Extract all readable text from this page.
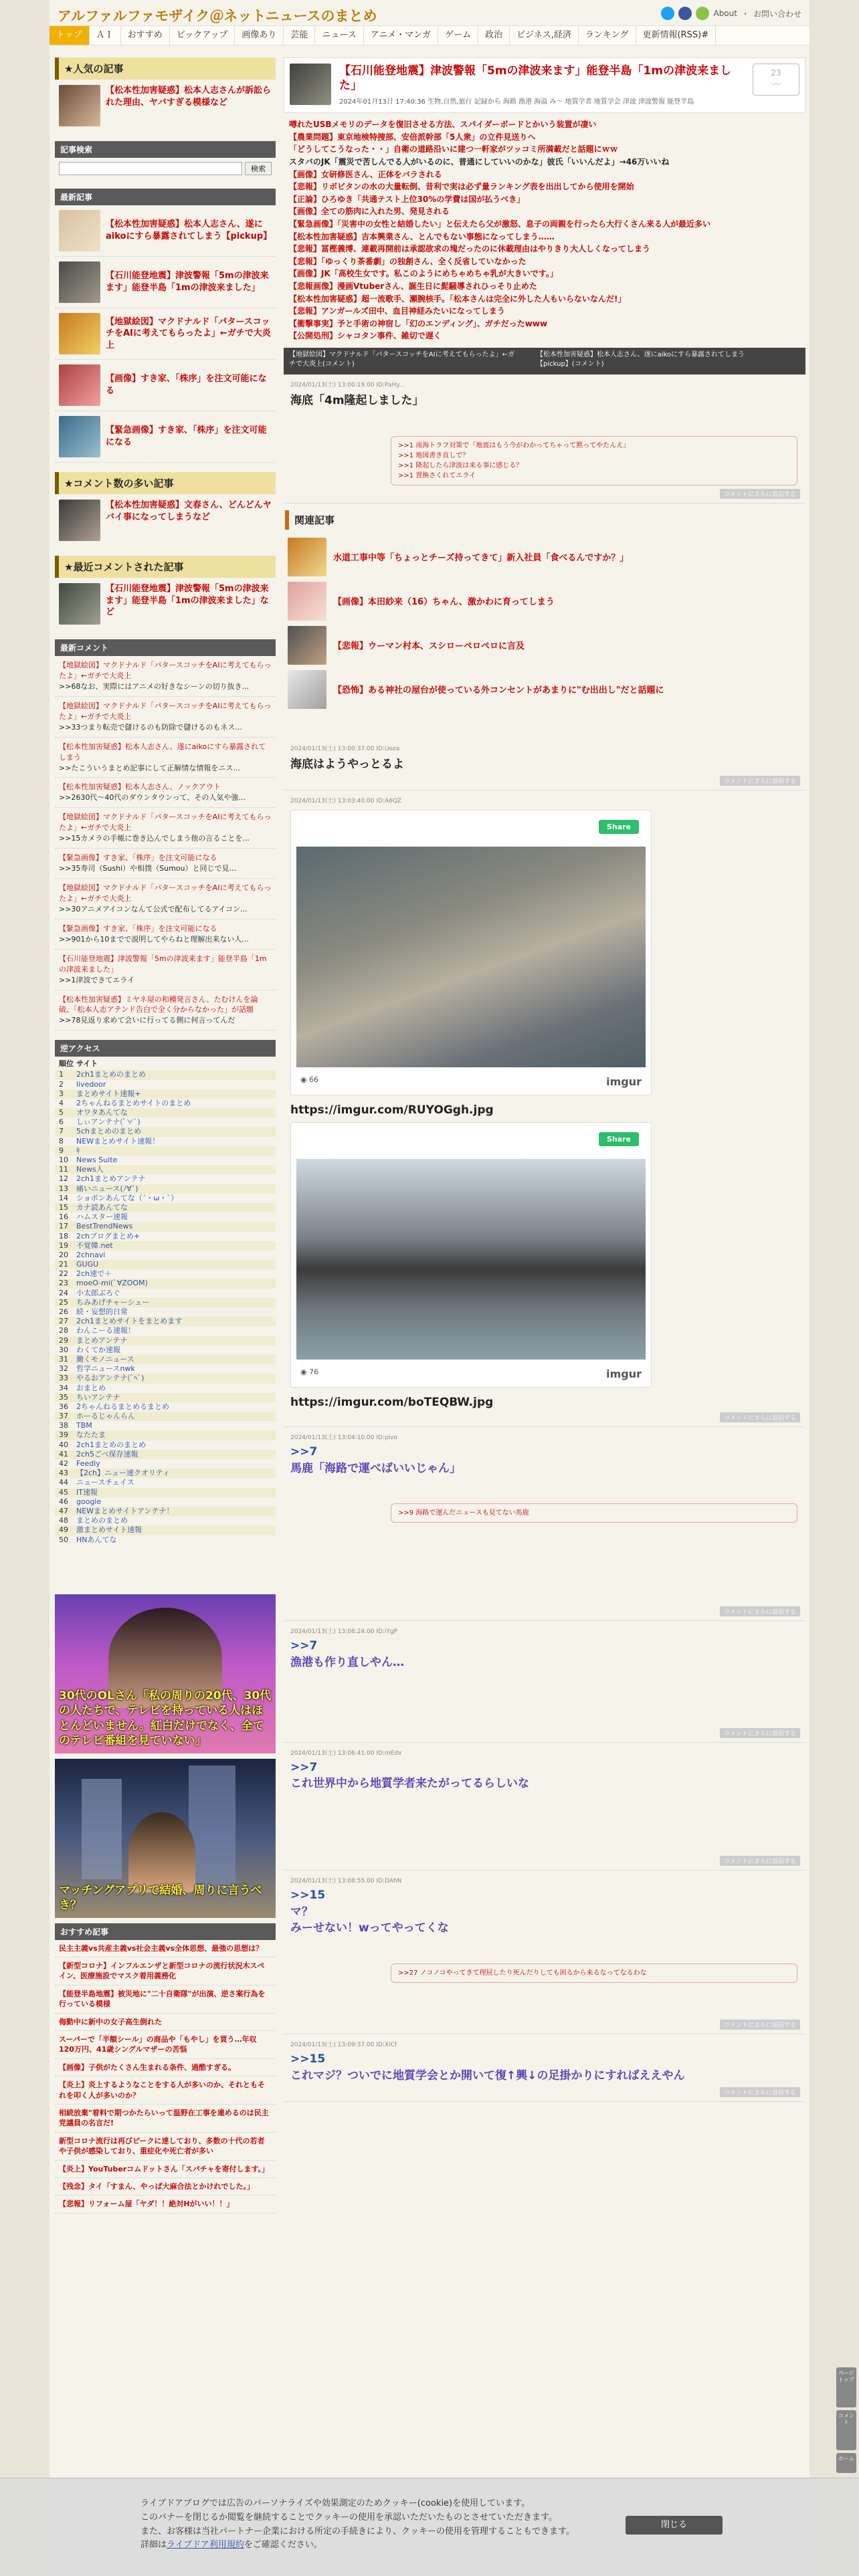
アルファルファモザイク＠ネットニュースのまとめ	About ・ お問い合わせ
トップ	ＡＩ	おすすめ	ピックアップ	画像あり	芸能	ニュース	アニメ・マンガ	ゲーム	政治	ビジネス,経済	ランキング	更新情報(RSS)#
★人気の記事
【松本性加害疑惑】松本人志さんが訴訟られた理由、ヤバすぎる模様など
記事検索
検索
最新記事
【松本性加害疑惑】松本人志さん、遂にaikoにすら暴露されてしまう【pickup】
【石川能登地震】津波警報「5mの津波来ます」能登半島「1mの津波来ました」
【地獄絵図】マクドナルド「パタースコッチをAIに考えてもらったよ」←ガチで大炎上
【画像】すき家、「株序」を注文可能になる
【緊急画像】すき家、「株序」を注文可能になる
★コメント数の多い記事
【松本性加害疑惑】文春さん、どんどんヤバイ事になってしまうなど
★最近コメントされた記事
【石川能登地震】津波警報「5mの津波来ます」能登半島「1mの津波来ました」など
最新コメント
【地獄絵図】マクドナルド「パタースコッチをAIに考えてもらったよ」←ガチで大炎上
>>68なお、実際にはアニメの好きなシーンの切り抜き...
【地獄絵図】マクドナルド「パタースコッチをAIに考えてもらったよ」←ガチで大炎上
>>33つまり転売で儲けるのも防除で儲けるのもネス...
【松本性加害疑惑】松本人志さん、遂にaikoにすら暴露されてしまう
>>たこういうまとめ記事にして正解情な情報をニス...
【松本性加害疑惑】松本人志さん、ノックアウト
>>2630代〜40代のダウンタウンって、その人気や強...
【地獄絵図】マクドナルド「パタースコッチをAIに考えてもらったよ」←ガチで大炎上
>>15カメラの手帳に巻き込んでしまう他の言ることを...
【緊急画像】すき家、「株序」を注文可能になる
>>35寿司（Sushi）や相撲（Sumou）と同じで見...
【地獄絵図】マクドナルド「パタースコッチをAIに考えてもらったよ」←ガチで大炎上
>>30アニメアイコンなんて公式で配布してるアイコン...
【緊急画像】すき家、「株序」を注文可能になる
>>901から10までで説明してやらねと理解出来ない人...
【石川能登地震】津波警報「5mの津波来ます」能登半島「1mの津波来ました」
>>1津波できてエライ
【松本性加害疑惑】ミヤネ屋の和種発言さん、たむけんを論破、「松本人志アテンド告白で全く分からなかった」が話題
>>78見返り求めて会いに行ってる側に何言ってんだ
逆アクセス
順位 サイト
1	2ch1まとめのまとめ
2	livedoor
3	まとめサイト速報+
4	2ちゃんねるまとめサイトのまとめ
5	オワタあんてな
6	しぃアンテナ(ﾟ∀ﾟ)
7	5chまとめのまとめ
8	NEWまとめサイト速報！
9	ｷ
10	News Suite
11	News人
12	2ch1まとめアンテナ
13	痛いニュース(ﾉ∀`)
14	ショボンあんてな（´・ω・`）
15	カナ読あんてな
16	ハムスター速報
17	BestTrendNews
18	2chブログまとめ+
19	不覚韓.net
20	2chnavi
21	GUGU
22	2ch速で＋
23	moeO-mi(ﾟ∀ZOOM)
24	小太郎ぶろぐ
25	ちみあげチャーシュー
26	続・妄想的日常
27	2ch1まとめサイトをまとめます
28	わんこーる速報！
29	まとめアンテナ
30	わくてか速報
31	働くモノニュース
32	哲学ニュースnwk
33	やるおアンテナ(ﾟﾍﾟ)
34	おまとめ
35	ちいアンテナ
36	2ちゃんねるまとめるまとめ
37	ホーるじゃんらん
38	TBM
39	なたたま
40	2ch1まとめのまとめ
41	2ch5ごべ保存速報
42	Feedly
43	【2ch】ニュー速クオリティ
44	ニュースチェイス
45	IT速報
46	google
47	NEWまとめサイトアンテナ！
48	まとめのまとめ
49	激まとめサイト速報
50	HNあんてな
30代のOLさん「私の周りの20代、30代の人たちで、テレビを持っている人はほとんどいません。紅白だけでなく、全てのテレビ番組を見ていない」
マッチングアプリで結婚、周りに言うべき？
おすすめ記事
民主主義vs共産主義vs社会主義vs全体思想、最強の思想は？
【新型コロナ】インフルエンザと新型コロナの流行状況木スペイン、医療施設でマスク着用義務化
【能登半島地震】被災地に"二十自衛隊"が出演、逆さ案行為を行っている模様
侮動中に新中の女子高生倒れた
スーパーで「半額シール」の商品や「もやし」を買う…年収120万円、41歳シングルマザーの苦悩
【画像】子供がたくさん生まれる条件、過酷すぎる。
【炎上】炎上するようなことをする人が多いのか、それともそれを叩く人が多いのか？
相続放棄"着料で期つかたらいって温野在工事を違めるのは民主党議員の名言だ!
新型コロナ流行は再びピークに達しており、多数の十代の若者や子供が感染しており、重症化や死亡者が多い
【炎上】YouTuberコムドットさん「スパチャを寄付します。」
【残念】タイ「すまん、やっぱ大麻合法とかけれでした。」
【悲報】リフォーム屋「ヤダ！！絶対Hがいい！！」
【石川能登地震】津波警報「5mの津波来ます」能登半島「1mの津波来ました」
2024年01月13日 17:40:36 生物,自然,旅行 記録から 海路 漁港 海溢 み〜 地質学者 地質学会 津波 津波警報 能登半島
23
〰
噂れたUSBメモリのデータを復旧させる方法、スパイダーボードとかいう装置が凄い
【農業問題】東京地検特捜部、安倍派幹部「5人衆」の立件見送りへ
「どうしてこうなった・・」自衛の道路沿いに建つ一軒家がツッコミ所満載だと話題にｗｗ
スタバのJK「震災で苦しんでる人がいるのに、普通にしていいのかな」彼氏「いいんだよ」→46万いいね
【画像】女研修医さん、正体をバラされる
【悲報】リボビタンの水の大量転倒、昔利で実は必ず量ランキング表を出出してから使用を開始
【正論】ひろゆき「共通テスト上位30%の学費は国が払うべき」
【画像】全ての筋肉に入れた男、発見される
【緊急画像】「災害中の女性と結婚したい」と伝えたら父が激怒、息子の両親を行ったら大行くさん来る人が最近多い
【松本性加害疑惑】吉本興業さん、とんでもない事態になってしまう……
【悲報】冨樫義博、連載再開前は承認欲求の塊だったのに休載理由はやりきり大人しくなってしまう
【悲報】「ゆっくり茶番劇」の独創さん、全く反省していなかった
【画像】JK「高校生女です。私このようにめちゃめちゃ乳が大きいです。」
【悲報画像】漫画Vtuberさん、誕生日に髭騒導されひっそり止めた
【松本性加害疑惑】超一流歌手、瀬腕核手。「松本さんは完全に外した人もいらないなんだ!」
【悲報】アンガールズ田中、血目神経みたいになってしまう
【衝撃事実】予と手術の神宿し「幻のエンディング」、ガチだったwww
【公開処刑】シャコタン事件、雑切で遅く
【地獄絵図】マクドナルド「パタースコッチをAIに考えてもらったよ」←ガチで大炎上(コメント)
【松本性加害疑惑】松本人志さん、遂にaikoにすら暴露されてしまう【pickup】(コメント)
2024/01/13(土) 13:00:19.00 ID:PaHy...
海底「4m隆起しました」
>>1 南海トラフ対策で「地震はもう今がわかってちゃって黙ってやたんえ」
>>1 地図書き直しで？
>>1 隆起したら津波は来る事に感じる？
>>1 置換さくれてエライ
コメントにさらに返信する
関連記事
水道工事中等「ちょっとチーズ持ってきて」新入社員「食べるんですか？」
【画像】本田紗来（16）ちゃん、激かわに育ってしまう
【悲報】ウーマン村本、スシローペロペロに言及
【恐怖】ある神社の屋台が使っている外コンセントがあまりに"む出出し"だと話題に
2024/01/13(土) 13:00:37.00 ID:Uoza
海底はようやっとるよ
コメントにさらに返信する
2024/01/13(土) 13:03:40.00 ID:A6QZ
Share
◉ 66	imgur
https://imgur.com/RUYOGgh.jpg
Share
◉ 76	imgur
https://imgur.com/boTEQBW.jpg
コメントにさらに返信する
2024/01/13(土) 13:04:10.00 ID:pivo
>>7
馬鹿「海路で運べばいいじゃん」
>>9 海路で運んだニュースも見てない馬鹿
コメントにさらに返信する
2024/01/13(土) 13:06:24.00 ID:iYgP
>>7
漁港も作り直しやん…
コメントにさらに返信する
2024/01/13(土) 13:06:41.00 ID:mEdx
>>7
これ世界中から地質学者来たがってるらしいな
コメントにさらに返信する
2024/01/13(土) 13:08:55.00 ID:DAhN
>>15
マ？
みーせない！wってやってくな
>>27 ノコノコやってきて理屈したり死んだりしても困るから来るなってなるわな
コメントにさらに返信する
2024/01/13(土) 13:09:37.00 ID:XiCf
>>15
これマジ？ついでに地質学会とか開いて復↑興↓の足掛かりにすればええやん
コメントにさらに返信する
ページトップ
コメント
ホーム
ライブドアブログでは広告のパーソナライズや効果測定のためクッキー(cookie)を使用しています。
このバナーを閉じるか閲覧を継続することでクッキーの使用を承認いただいたものとさせていただきます。
また、お客様は当社パートナー企業における所定の手続きにより、クッキーの使用を管理することもできます。
詳細はライブドア利用規約をご確認ください。
閉じる
